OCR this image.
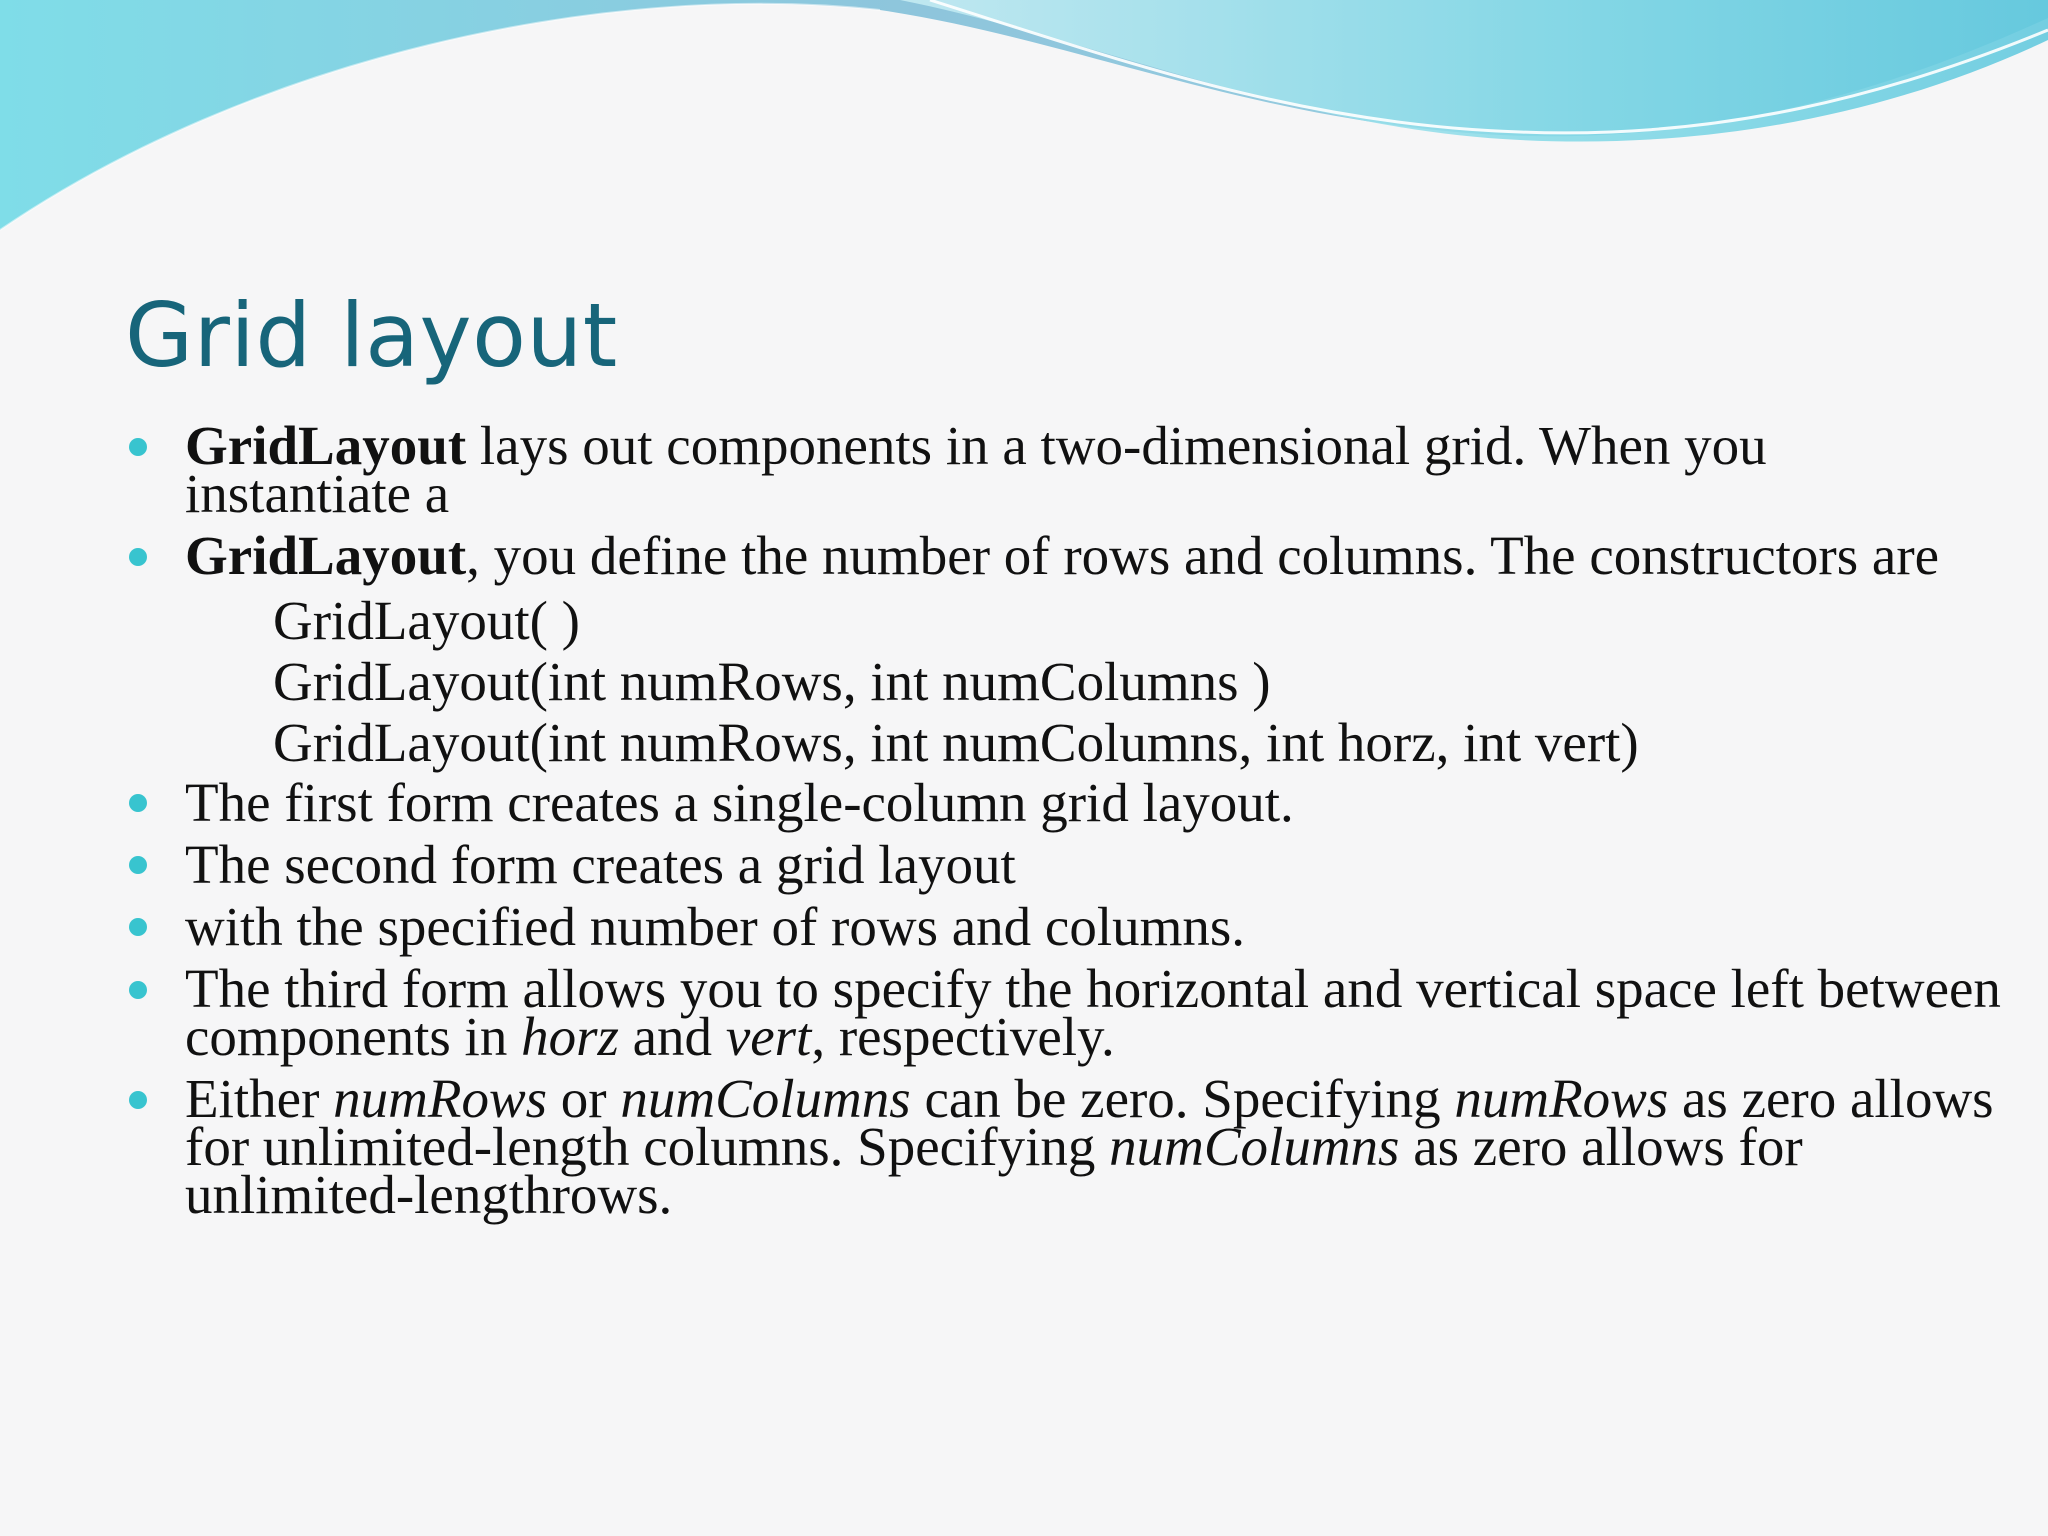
Grid layout
GridLayout lays out components in a two-dimensional grid. When you instantiate a
GridLayout, you define the number of rows and columns. The constructors are
GridLayout( )
GridLayout(int numRows, int numColumns )
GridLayout(int numRows, int numColumns, int horz, int vert)
The first form creates a single-column grid layout.
The second form creates a grid layout
with the specified number of rows and columns.
The third form allows you to specify the horizontal and vertical space left between components in horz and vert, respectively.
Either numRows or numColumns can be zero. Specifying numRows as zero allows for unlimited-length columns. Specifying numColumns as zero allows for unlimited-lengthrows.
